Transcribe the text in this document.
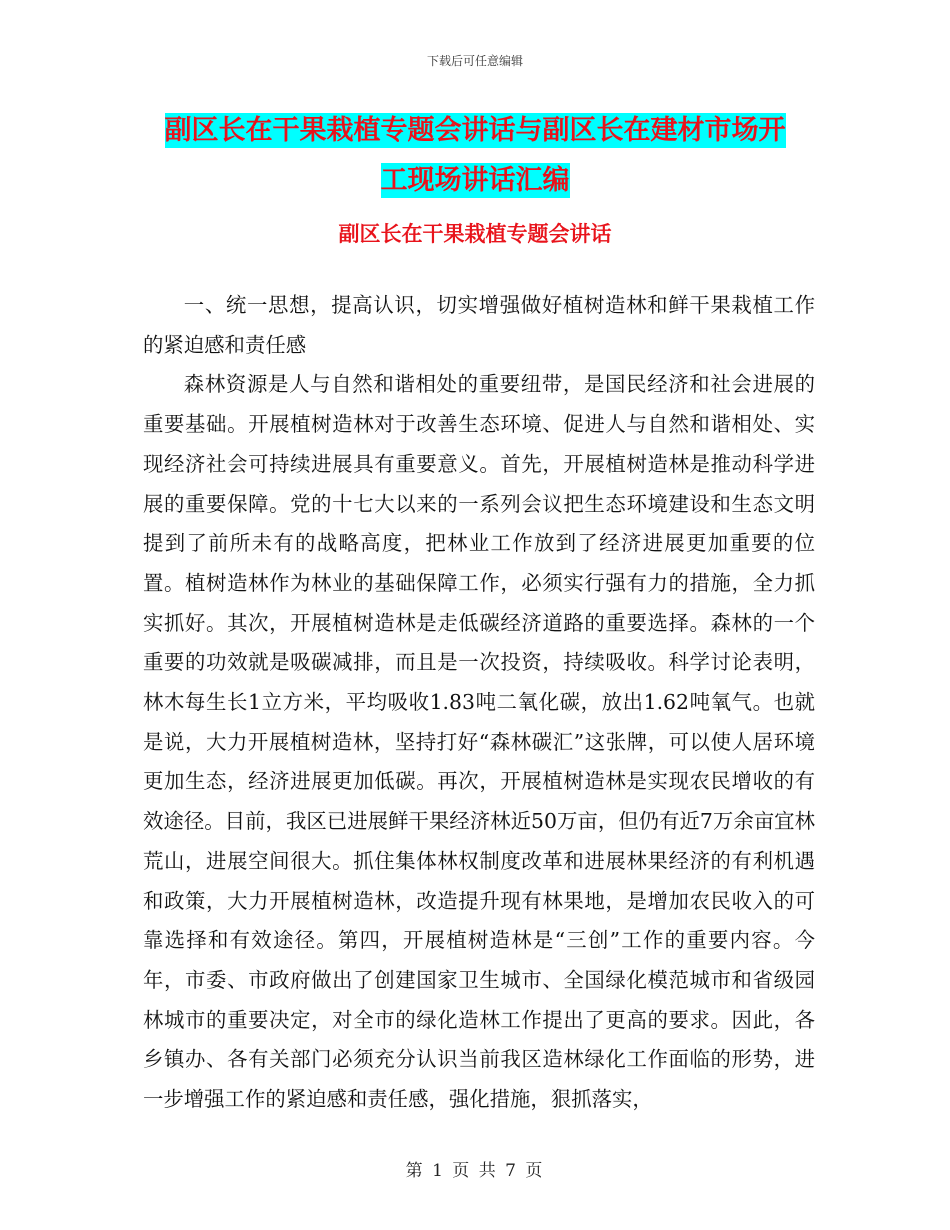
下载后可任意编辑
副区长在干果栽植专题会讲话与副区长在建材市场开
工现场讲话汇编
副区长在干果栽植专题会讲话

一、统一思想，提高认识，切实增强做好植树造林和鲜干果栽植工作的紧迫感和责任感

森林资源是人与自然和谐相处的重要纽带，是国民经济和社会进展的重要基础。开展植树造林对于改善生态环境、促进人与自然和谐相处、实现经济社会可持续进展具有重要意义。首先，开展植树造林是推动科学进展的重要保障。党的十七大以来的一系列会议把生态环境建设和生态文明提到了前所未有的战略高度，把林业工作放到了经济进展更加重要的位置。植树造林作为林业的基础保障工作，必须实行强有力的措施，全力抓实抓好。其次，开展植树造林是走低碳经济道路的重要选择。森林的一个重要的功效就是吸碳减排，而且是一次投资，持续吸收。科学讨论表明，林木每生长1立方米，平均吸收1.83吨二氧化碳，放出1.62吨氧气。也就是说，大力开展植树造林，坚持打好“森林碳汇”这张牌，可以使人居环境更加生态，经济进展更加低碳。再次，开展植树造林是实现农民增收的有效途径。目前，我区已进展鲜干果经济林近50万亩，但仍有近7万余亩宜林荒山，进展空间很大。抓住集体林权制度改革和进展林果经济的有利机遇和政策，大力开展植树造林，改造提升现有林果地，是增加农民收入的可靠选择和有效途径。第四，开展植树造林是“三创”工作的重要内容。今年，市委、市政府做出了创建国家卫生城市、全国绿化模范城市和省级园林城市的重要决定，对全市的绿化造林工作提出了更高的要求。因此，各乡镇办、各有关部门必须充分认识当前我区造林绿化工作面临的形势，进一步增强工作的紧迫感和责任感，强化措施，狠抓落实，

第 1 页 共 7 页
